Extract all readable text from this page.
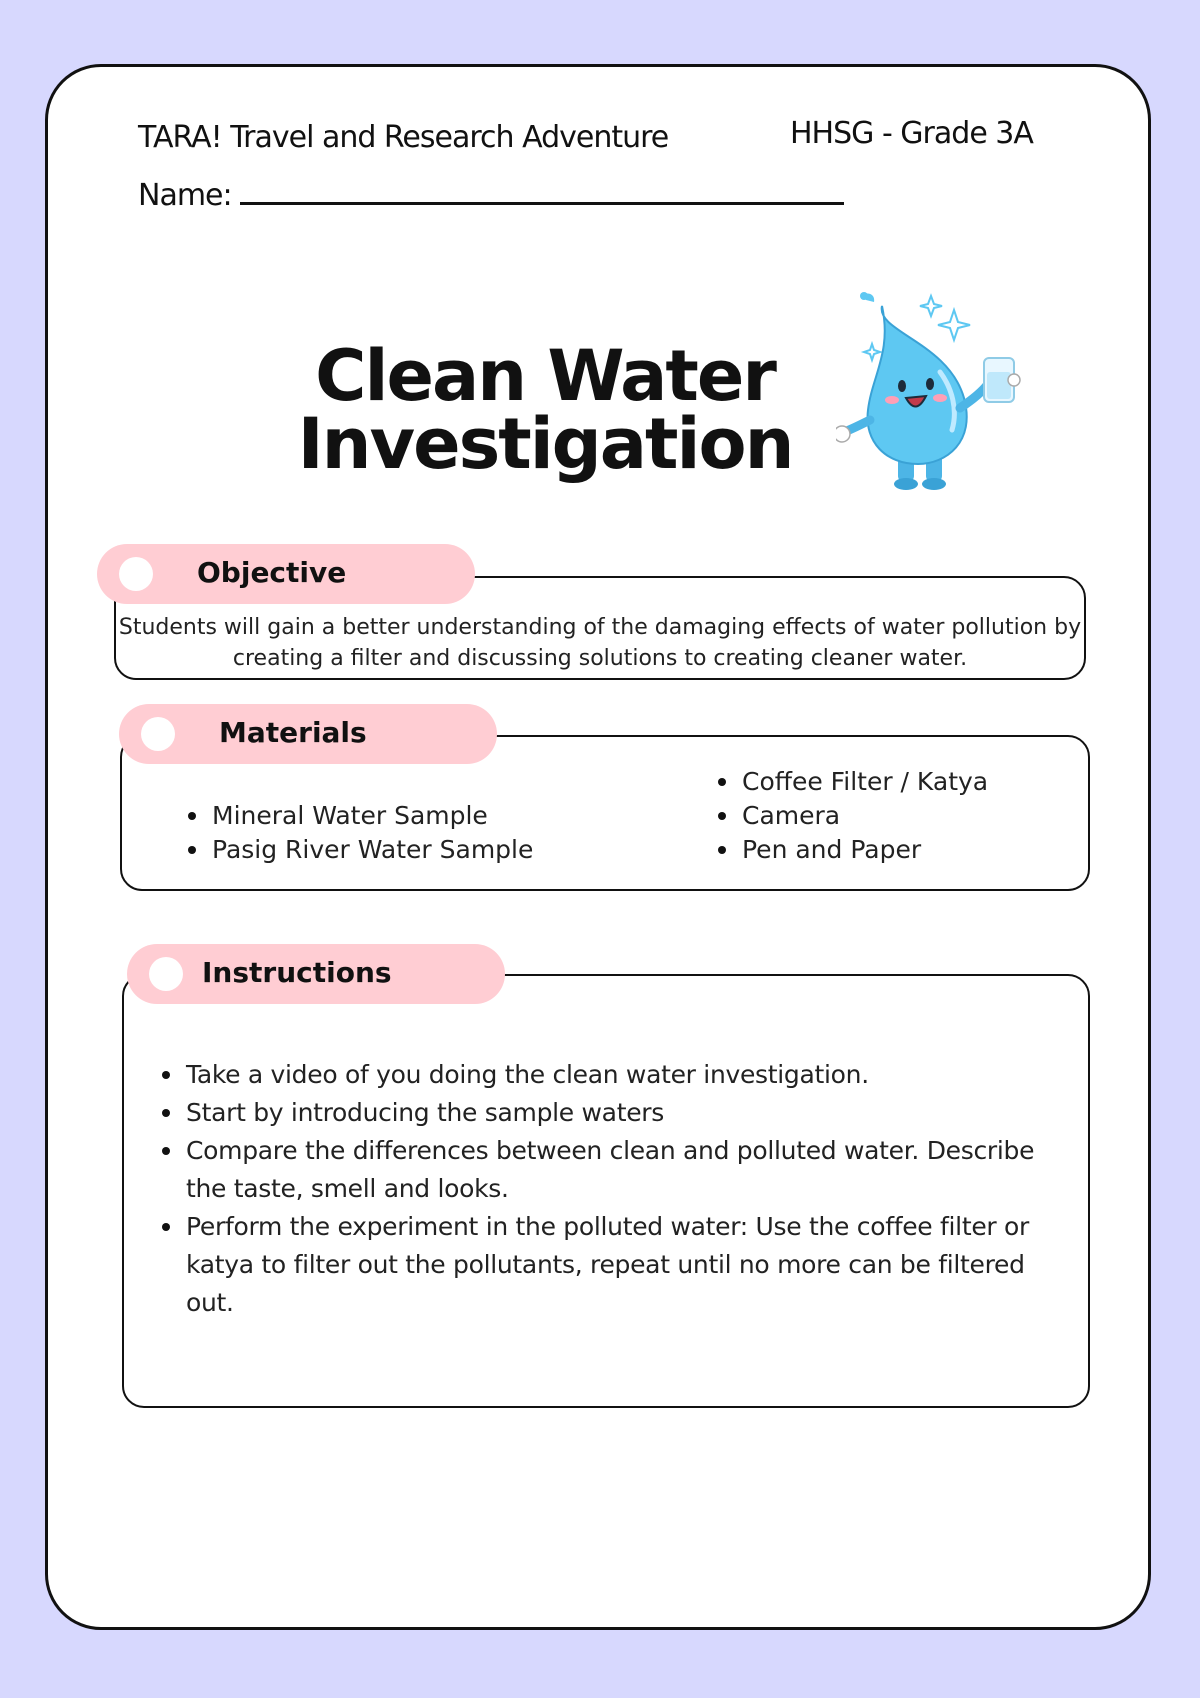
TARA! Travel and Research Adventure	HHSG - Grade 3A
Name:
Clean Water
Investigation
Students will gain a better understanding of the damaging effects of water pollution by creating a filter and discussing solutions to creating cleaner water.
Objective
Mineral Water Sample
Pasig River Water Sample
Coffee Filter / Katya
Camera
Pen and Paper
Materials
Take a video of you doing the clean water investigation.
Start by introducing the sample waters
Compare the differences between clean and polluted water. Describe the taste, smell and looks.
Perform the experiment in the polluted water: Use the coffee filter or katya to filter out the pollutants, repeat until no more can be filtered out.
Instructions
